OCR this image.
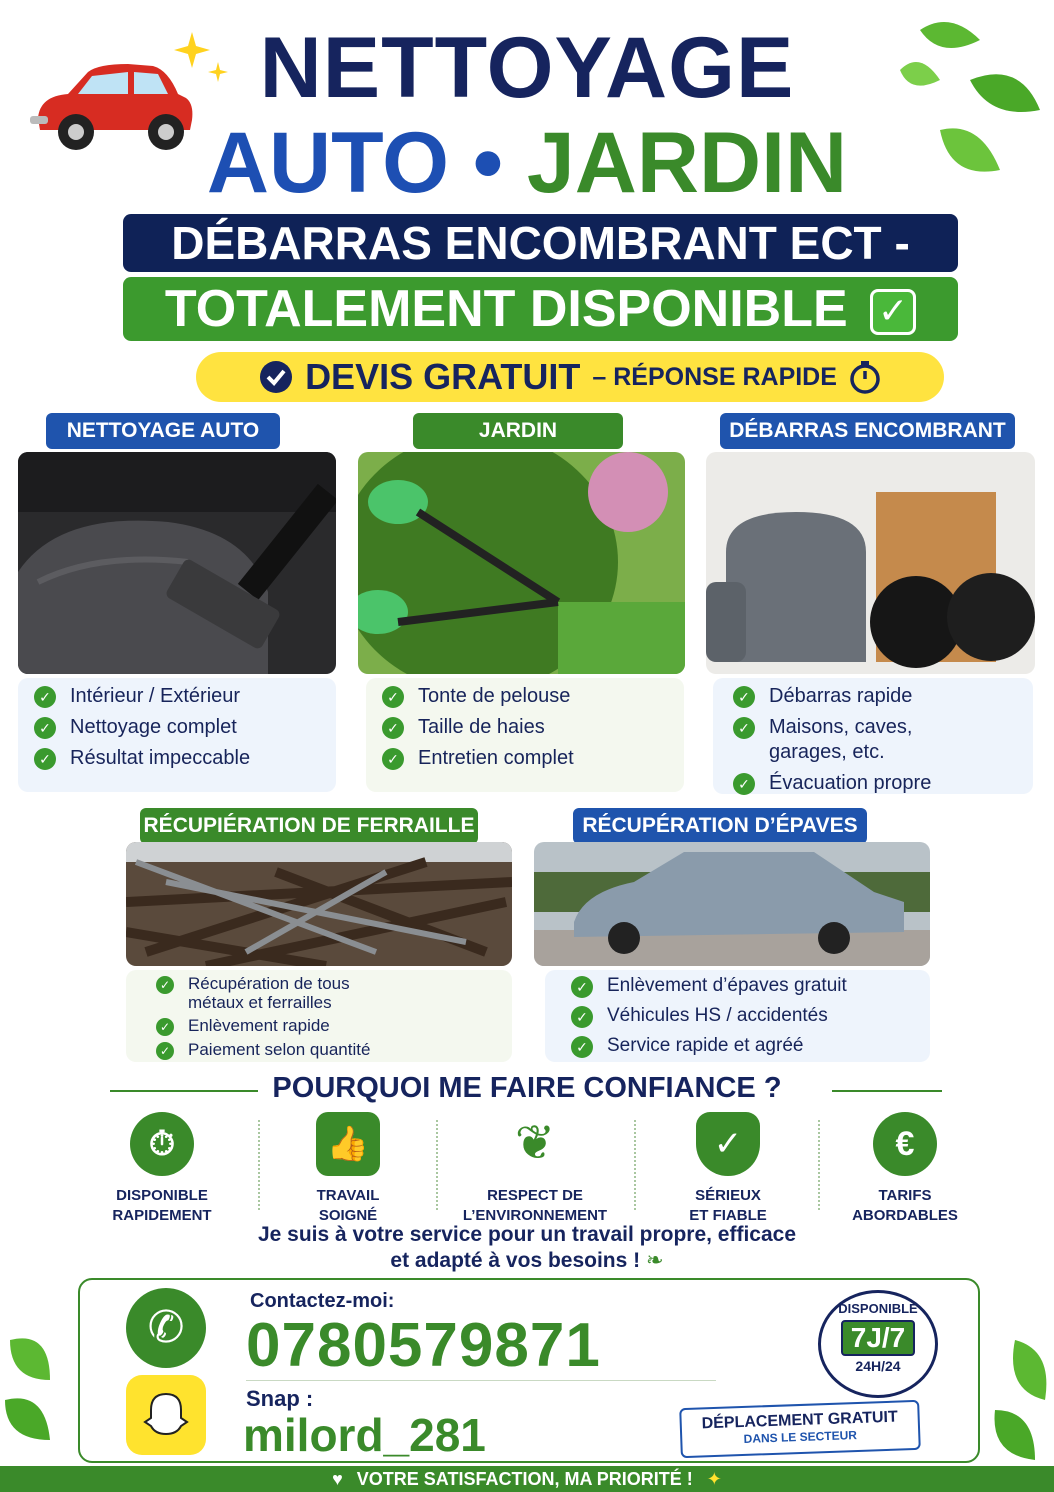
NETTOYAGE
AUTO • JARDIN
DÉBARRAS ENCOMBRANT ECT -
TOTALEMENT DISPONIBLE ✓
DEVIS GRATUIT – RÉPONSE RAPIDE
NETTOYAGE AUTO	JARDIN	DÉBARRAS ENCOMBRANT
✓ Intérieur / Extérieur
✓ Nettoyage complet
✓ Résultat impeccable
✓ Tonte de pelouse
✓ Taille de haies
✓ Entretien complet
✓ Débarras rapide
✓ Maisons, caves, garages, etc.
✓ Évacuation propre
RÉCUPIÉRATION DE FERRAILLE	RÉCUPÉRATION D’ÉPAVES
✓ Récupération de tous métaux et ferrailles
✓ Enlèvement rapide
✓ Paiement selon quantité
✓ Enlèvement d’épaves gratuit
✓ Véhicules HS / accidentés
✓ Service rapide et agréé
POURQUOI ME FAIRE CONFIANCE ?
⏱
DISPONIBLE
RAPIDEMENT
👍
TRAVAIL
SOIGNÉ
❦
RESPECT DE
L’ENVIRONNEMENT
✓
SÉRIEUX
ET FIABLE
€
TARIFS
ABORDABLES
Je suis à votre service pour un travail propre, efficace
et adapté à vos besoins ! ❧
✆
Contactez-moi:
0780579871
Snap :
milord_281
DISPONIBLE
7J/7
24H/24
DÉPLACEMENT GRATUIT
DANS LE SECTEUR
♥ VOTRE SATISFACTION, MA PRIORITÉ ! ✦
